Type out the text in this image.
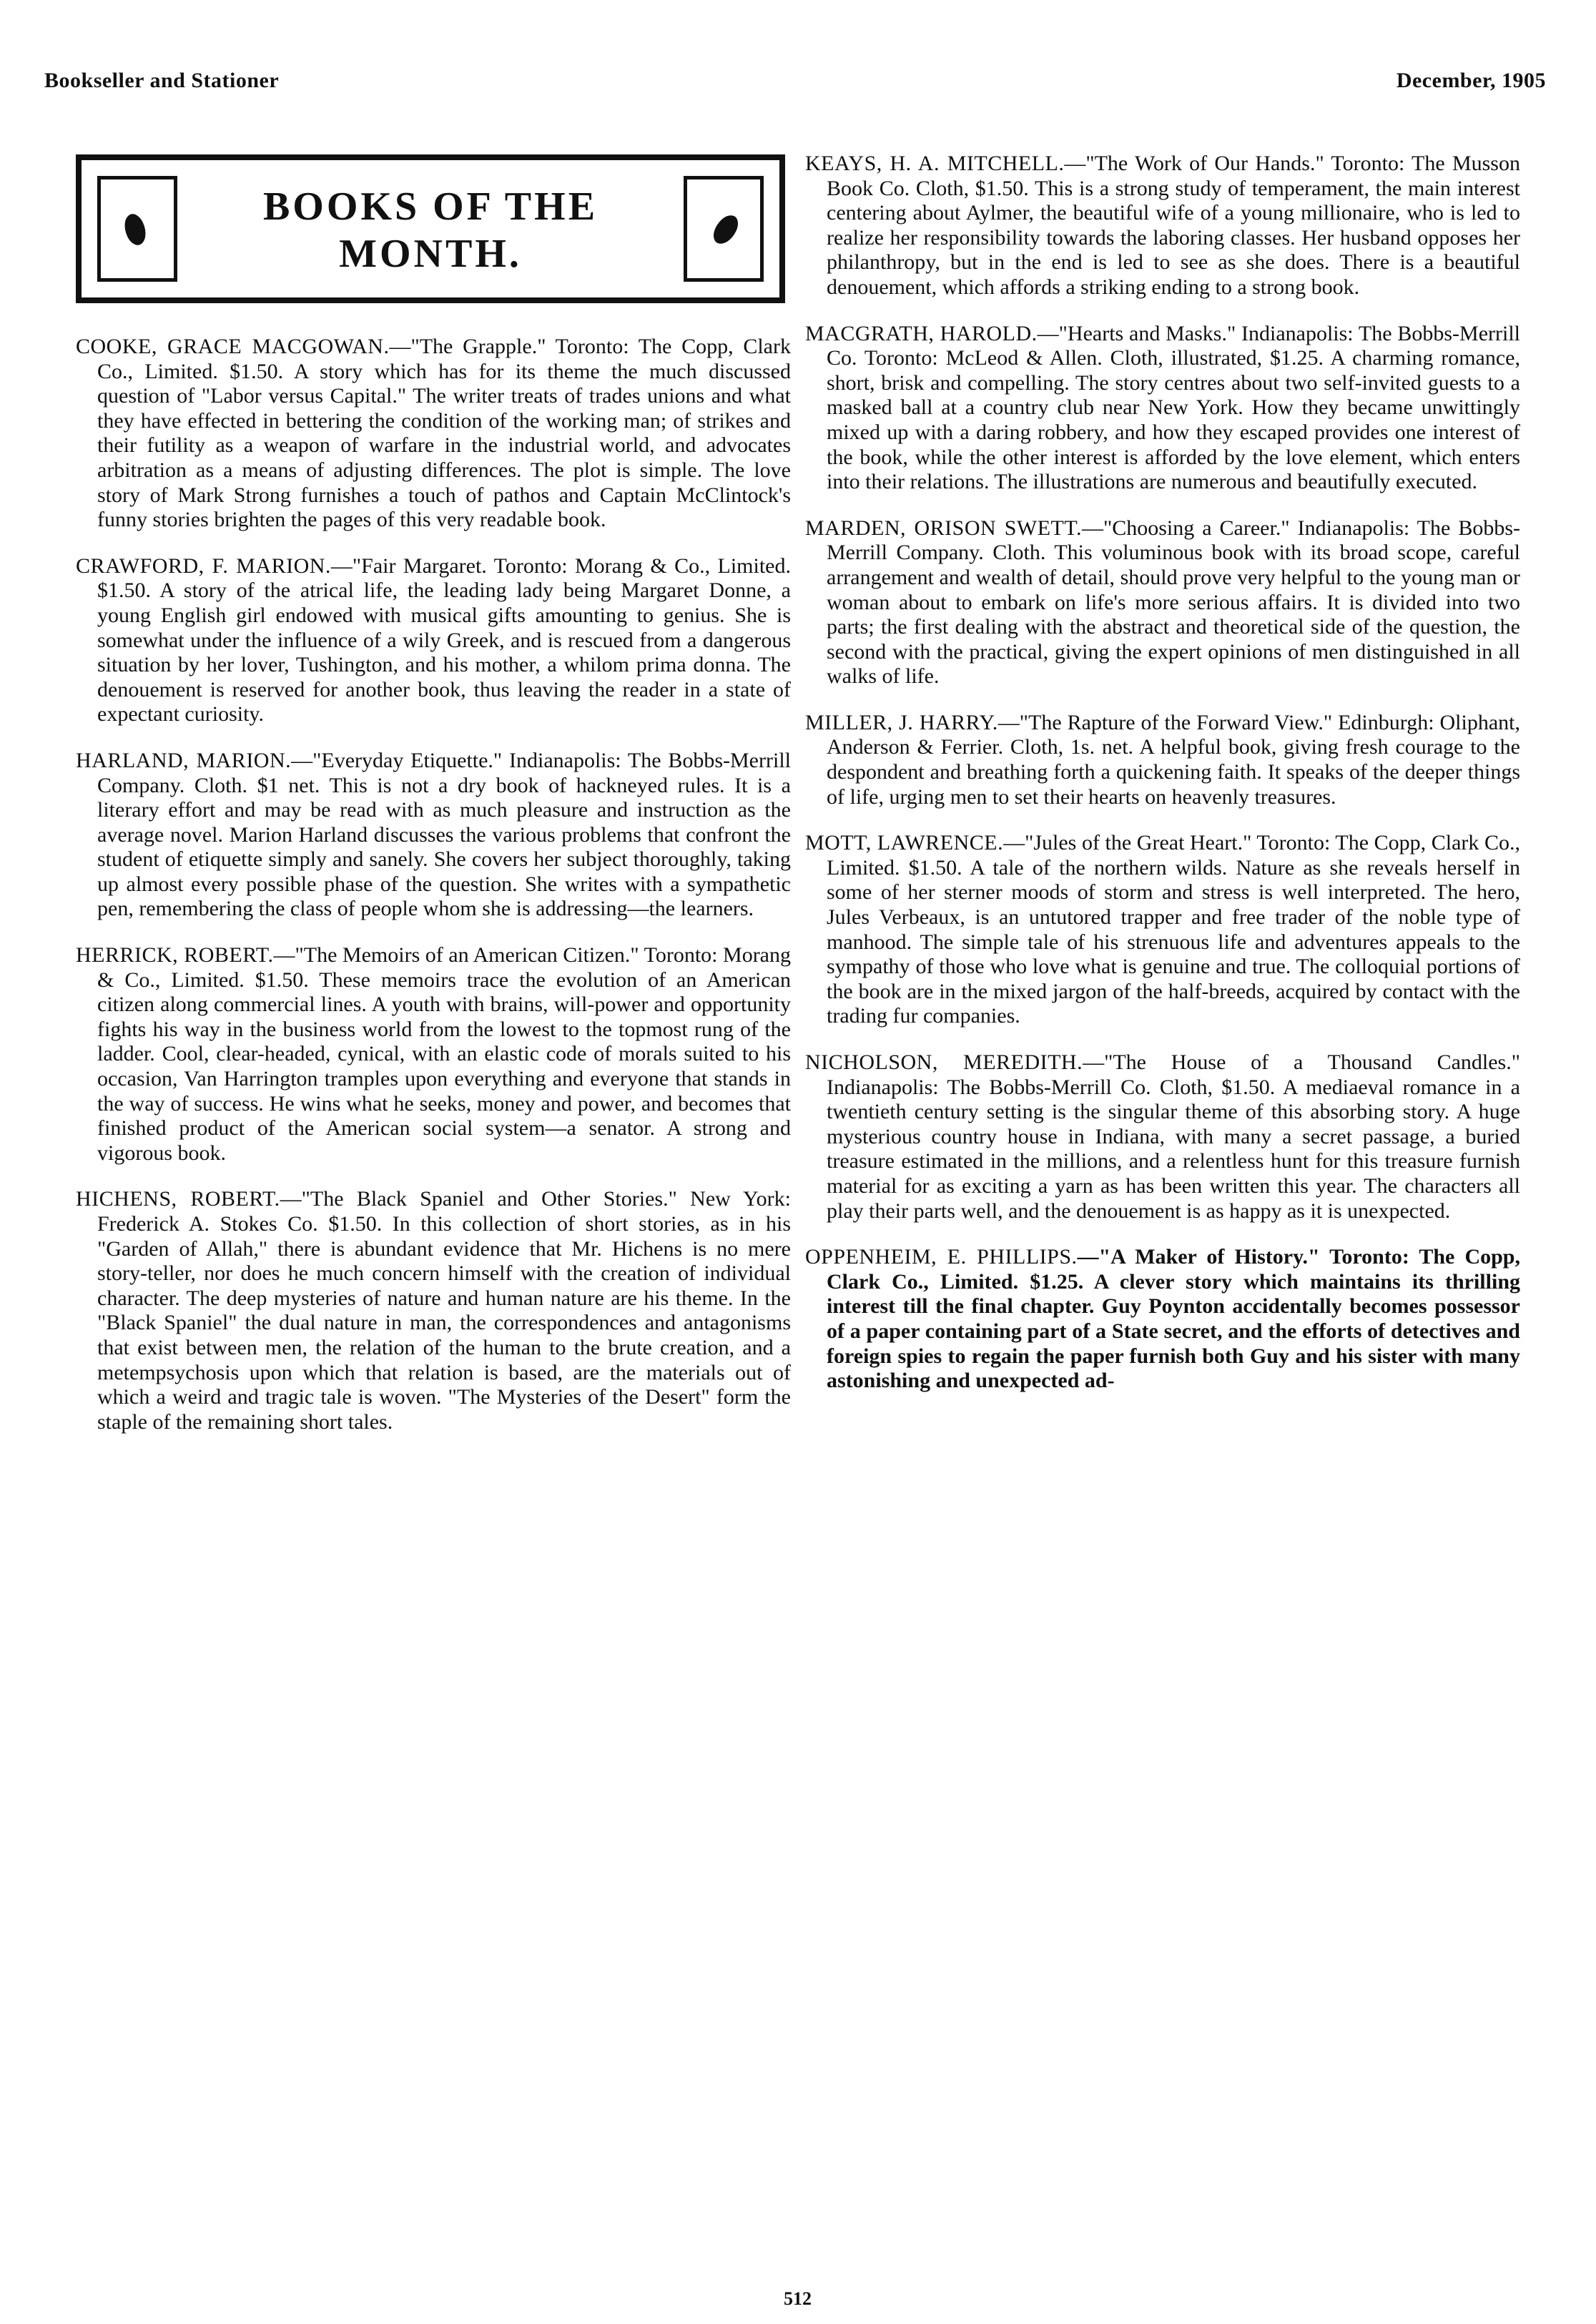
Bookseller and Stationer	December, 1905
BOOKS OF THE MONTH.

COOKE, GRACE MACGOWAN.—"The Grapple." Toronto: The Copp, Clark Co., Limited. $1.50. A story which has for its theme the much discussed question of "Labor versus Capital." The writer treats of trades unions and what they have effected in bettering the condition of the working man; of strikes and their futility as a weapon of warfare in the industrial world, and advocates arbitration as a means of adjusting differences. The plot is simple. The love story of Mark Strong furnishes a touch of pathos and Captain McClintock's funny stories brighten the pages of this very readable book.

CRAWFORD, F. MARION.—"Fair Margaret. Toronto: Morang & Co., Limited. $1.50. A story of the atrical life, the leading lady being Margaret Donne, a young English girl endowed with musical gifts amounting to genius. She is somewhat under the influence of a wily Greek, and is rescued from a dangerous situation by her lover, Tushington, and his mother, a whilom prima donna. The denouement is reserved for another book, thus leaving the reader in a state of expectant curiosity.

HARLAND, MARION.—"Everyday Etiquette." Indianapolis: The Bobbs-Merrill Company. Cloth. $1 net. This is not a dry book of hackneyed rules. It is a literary effort and may be read with as much pleasure and instruction as the average novel. Marion Harland discusses the various problems that confront the student of etiquette simply and sanely. She covers her subject thoroughly, taking up almost every possible phase of the question. She writes with a sympathetic pen, remembering the class of people whom she is addressing—the learners.

HERRICK, ROBERT.—"The Memoirs of an American Citizen." Toronto: Morang & Co., Limited. $1.50. These memoirs trace the evolution of an American citizen along commercial lines. A youth with brains, will-power and opportunity fights his way in the business world from the lowest to the topmost rung of the ladder. Cool, clear-headed, cynical, with an elastic code of morals suited to his occasion, Van Harrington tramples upon everything and everyone that stands in the way of success. He wins what he seeks, money and power, and becomes that finished product of the American social system—a senator. A strong and vigorous book.

HICHENS, ROBERT.—"The Black Spaniel and Other Stories." New York: Frederick A. Stokes Co. $1.50. In this collection of short stories, as in his "Garden of Allah," there is abundant evidence that Mr. Hichens is no mere story-teller, nor does he much concern himself with the creation of individual character. The deep mysteries of nature and human nature are his theme. In the "Black Spaniel" the dual nature in man, the correspondences and antagonisms that exist between men, the relation of the human to the brute creation, and a metempsychosis upon which that relation is based, are the materials out of which a weird and tragic tale is woven. "The Mysteries of the Desert" form the staple of the remaining short tales.

KEAYS, H. A. MITCHELL.—"The Work of Our Hands." Toronto: The Musson Book Co. Cloth, $1.50. This is a strong study of temperament, the main interest centering about Aylmer, the beautiful wife of a young millionaire, who is led to realize her responsibility towards the laboring classes. Her husband opposes her philanthropy, but in the end is led to see as she does. There is a beautiful denouement, which affords a striking ending to a strong book.

MACGRATH, HAROLD.—"Hearts and Masks." Indianapolis: The Bobbs-Merrill Co. Toronto: McLeod & Allen. Cloth, illustrated, $1.25. A charming romance, short, brisk and compelling. The story centres about two self-invited guests to a masked ball at a country club near New York. How they became unwittingly mixed up with a daring robbery, and how they escaped provides one interest of the book, while the other interest is afforded by the love element, which enters into their relations. The illustrations are numerous and beautifully executed.

MARDEN, ORISON SWETT.—"Choosing a Career." Indianapolis: The Bobbs-Merrill Company. Cloth. This voluminous book with its broad scope, careful arrangement and wealth of detail, should prove very helpful to the young man or woman about to embark on life's more serious affairs. It is divided into two parts; the first dealing with the abstract and theoretical side of the question, the second with the practical, giving the expert opinions of men distinguished in all walks of life.

MILLER, J. HARRY.—"The Rapture of the Forward View." Edinburgh: Oliphant, Anderson & Ferrier. Cloth, 1s. net. A helpful book, giving fresh courage to the despondent and breathing forth a quickening faith. It speaks of the deeper things of life, urging men to set their hearts on heavenly treasures.

MOTT, LAWRENCE.—"Jules of the Great Heart." Toronto: The Copp, Clark Co., Limited. $1.50. A tale of the northern wilds. Nature as she reveals herself in some of her sterner moods of storm and stress is well interpreted. The hero, Jules Verbeaux, is an untutored trapper and free trader of the noble type of manhood. The simple tale of his strenuous life and adventures appeals to the sympathy of those who love what is genuine and true. The colloquial portions of the book are in the mixed jargon of the half-breeds, acquired by contact with the trading fur companies.

NICHOLSON, MEREDITH.—"The House of a Thousand Candles." Indianapolis: The Bobbs-Merrill Co. Cloth, $1.50. A mediaeval romance in a twentieth century setting is the singular theme of this absorbing story. A huge mysterious country house in Indiana, with many a secret passage, a buried treasure estimated in the millions, and a relentless hunt for this treasure furnish material for as exciting a yarn as has been written this year. The characters all play their parts well, and the denouement is as happy as it is unexpected.

OPPENHEIM, E. PHILLIPS.—"A Maker of History." Toronto: The Copp, Clark Co., Limited. $1.25. A clever story which maintains its thrilling interest till the final chapter. Guy Poynton accidentally becomes possessor of a paper containing part of a State secret, and the efforts of detectives and foreign spies to regain the paper furnish both Guy and his sister with many astonishing and unexpected ad-

512
